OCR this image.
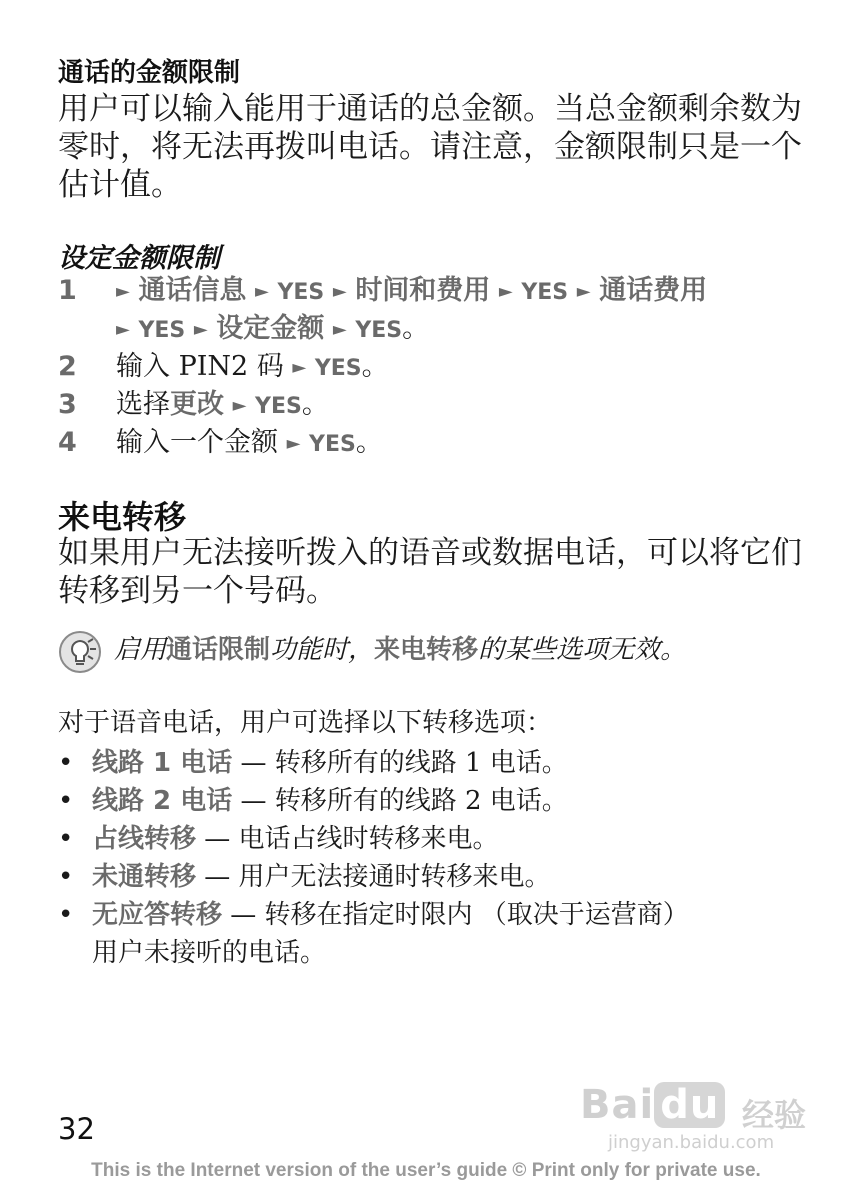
通话的金额限制
用户可以输入能用于通话的总金额。当总金额剩余数为零时，将无法再拨叫电话。请注意，金额限制只是一个估计值。
设定金额限制
1	► 通话信息 ► YES ► 时间和费用 ► YES ► 通话费用
► YES ► 设定金额 ► YES。
2	输入 PIN2 码 ► YES。
3	选择更改 ► YES。
4	输入一个金额 ► YES。
来电转移
如果用户无法接听拨入的语音或数据电话，可以将它们转移到另一个号码。
启用通话限制功能时，来电转移的某些选项无效。
对于语音电话，用户可选择以下转移选项：
• 线路 1 电话 — 转移所有的线路 1 电话。
• 线路 2 电话 — 转移所有的线路 2 电话。
• 占线转移 — 电话占线时转移来电。
• 未通转移 — 用户无法接通时转移来电。
• 无应答转移 — 转移在指定时限内 （取决于运营商）
用户未接听的电话。
Bai du 经验
jingyan.baidu.com
32
This is the Internet version of the user’s guide © Print only for private use.
